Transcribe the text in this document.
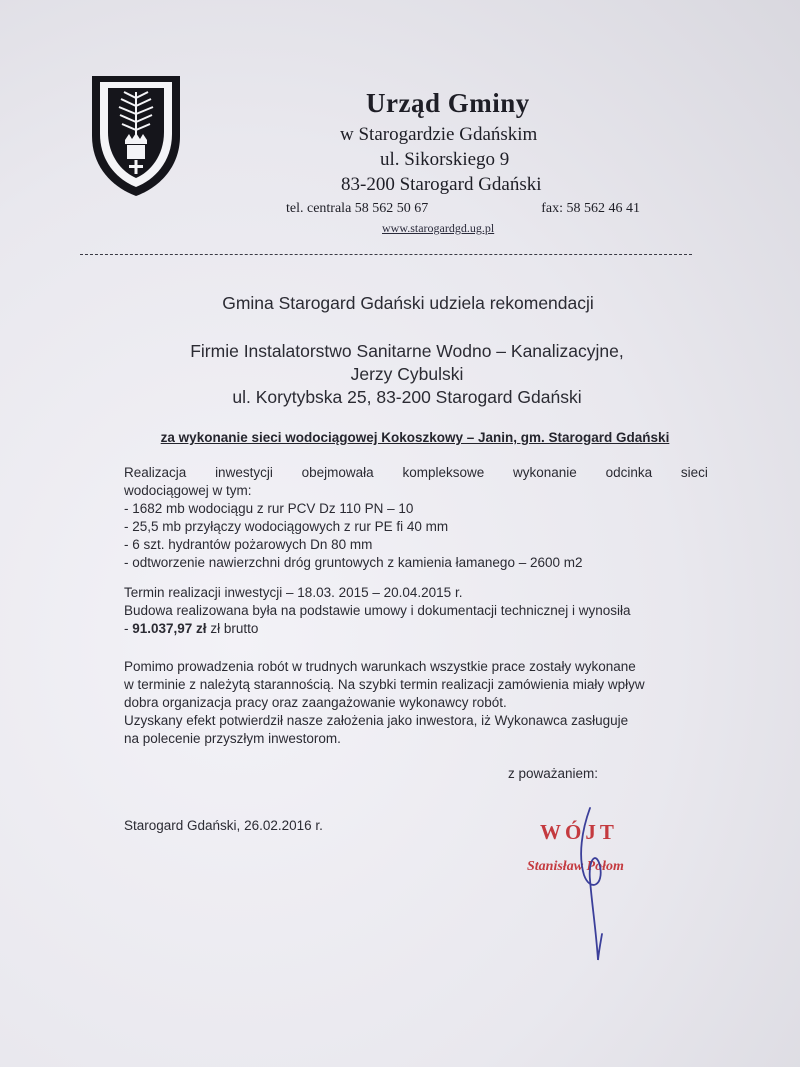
Urząd Gminy
w Starogardzie Gdańskim
ul. Sikorskiego 9
83-200 Starogard Gdański
tel. centrala 58 562 50 67	fax: 58 562 46 41
www.starogardgd.ug.pl
Gmina Starogard Gdański udziela rekomendacji
Firmie Instalatorstwo Sanitarne Wodno – Kanalizacyjne,
Jerzy Cybulski
ul. Korytybska 25, 83-200 Starogard Gdański
za wykonanie sieci wodociągowej Kokoszkowy – Janin, gm. Starogard Gdański
Realizacja inwestycji obejmowała kompleksowe wykonanie odcinka sieci
wodociągowej w tym:
- 1682 mb wodociągu z rur PCV Dz 110 PN – 10
- 25,5 mb przyłączy wodociągowych z rur PE fi 40 mm
- 6 szt. hydrantów pożarowych Dn 80 mm
- odtworzenie nawierzchni dróg gruntowych z kamienia łamanego – 2600 m2
Termin realizacji inwestycji – 18.03. 2015 – 20.04.2015 r.
Budowa realizowana była na podstawie umowy i dokumentacji technicznej i wynosiła
- 91.037,97 zł zł brutto
Pomimo prowadzenia robót w trudnych warunkach wszystkie prace zostały wykonane
w terminie z należytą starannością. Na szybki termin realizacji zamówienia miały wpływ
dobra organizacja pracy oraz zaangażowanie wykonawcy robót.
Uzyskany efekt potwierdził nasze założenia jako inwestora, iż Wykonawca zasługuje
na polecenie przyszłym inwestorom.
z poważaniem:
Starogard Gdański, 26.02.2016 r.	WÓJT
Stanisław Połom
